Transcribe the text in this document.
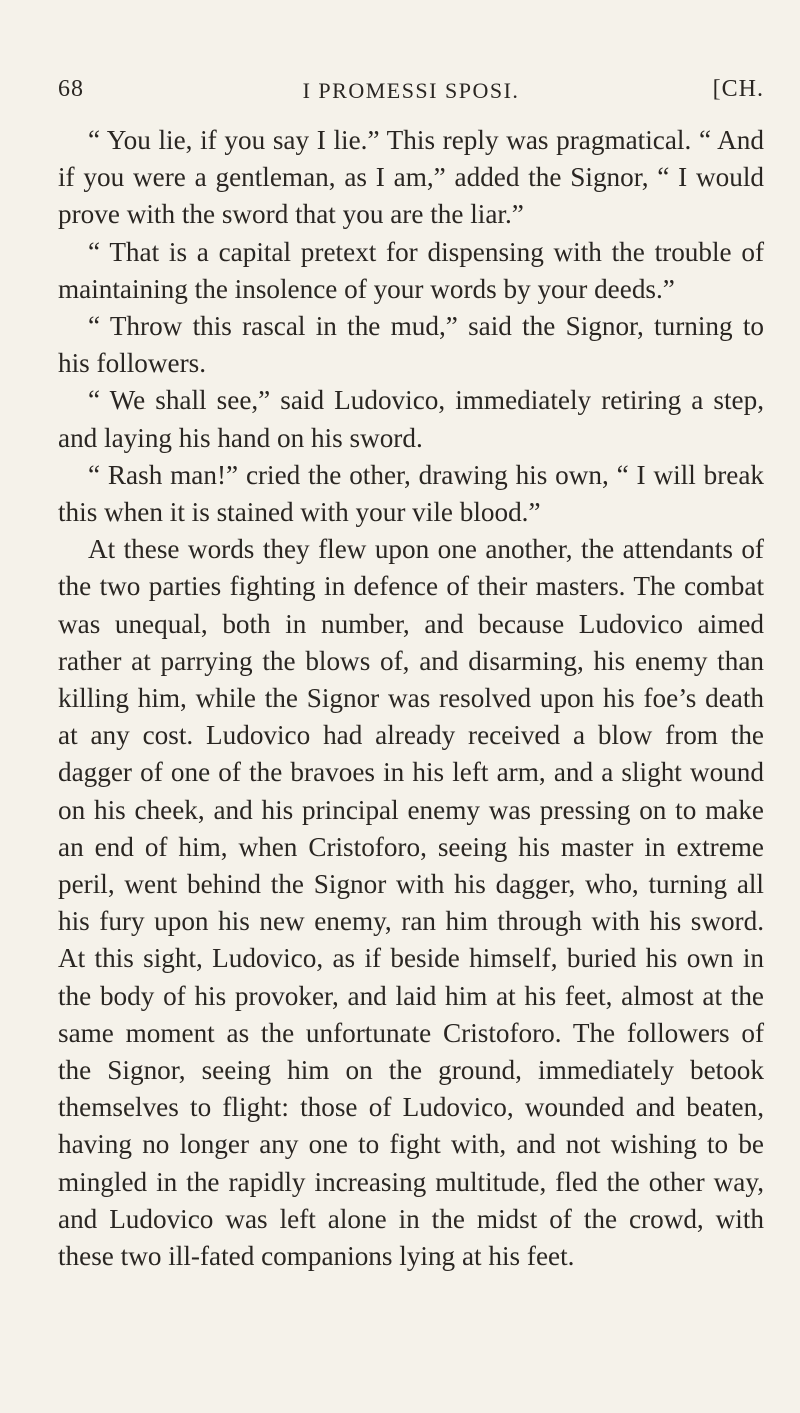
68	I PROMESSI SPOSI.	[CH.

“ You lie, if you say I lie.” This reply was pragmatical. “ And if you were a gentleman, as I am,” added the Signor, “ I would prove with the sword that you are the liar.”

“ That is a capital pretext for dispensing with the trouble of maintaining the insolence of your words by your deeds.”

“ Throw this rascal in the mud,” said the Signor, turning to his followers.

“ We shall see,” said Ludovico, immediately retiring a step, and laying his hand on his sword.

“ Rash man!” cried the other, drawing his own, “ I will break this when it is stained with your vile blood.”

At these words they flew upon one another, the attendants of the two parties fighting in defence of their masters. The combat was unequal, both in number, and because Ludovico aimed rather at parrying the blows of, and disarming, his enemy than killing him, while the Signor was resolved upon his foe’s death at any cost. Ludovico had already received a blow from the dagger of one of the bravoes in his left arm, and a slight wound on his cheek, and his principal enemy was pressing on to make an end of him, when Cristoforo, seeing his master in extreme peril, went behind the Signor with his dagger, who, turning all his fury upon his new enemy, ran him through with his sword. At this sight, Ludovico, as if beside himself, buried his own in the body of his provoker, and laid him at his feet, almost at the same moment as the unfortunate Cristoforo. The followers of the Signor, seeing him on the ground, immediately betook themselves to flight: those of Ludovico, wounded and beaten, having no longer any one to fight with, and not wishing to be mingled in the rapidly increasing multitude, fled the other way, and Ludovico was left alone in the midst of the crowd, with these two ill-fated companions lying at his feet.
